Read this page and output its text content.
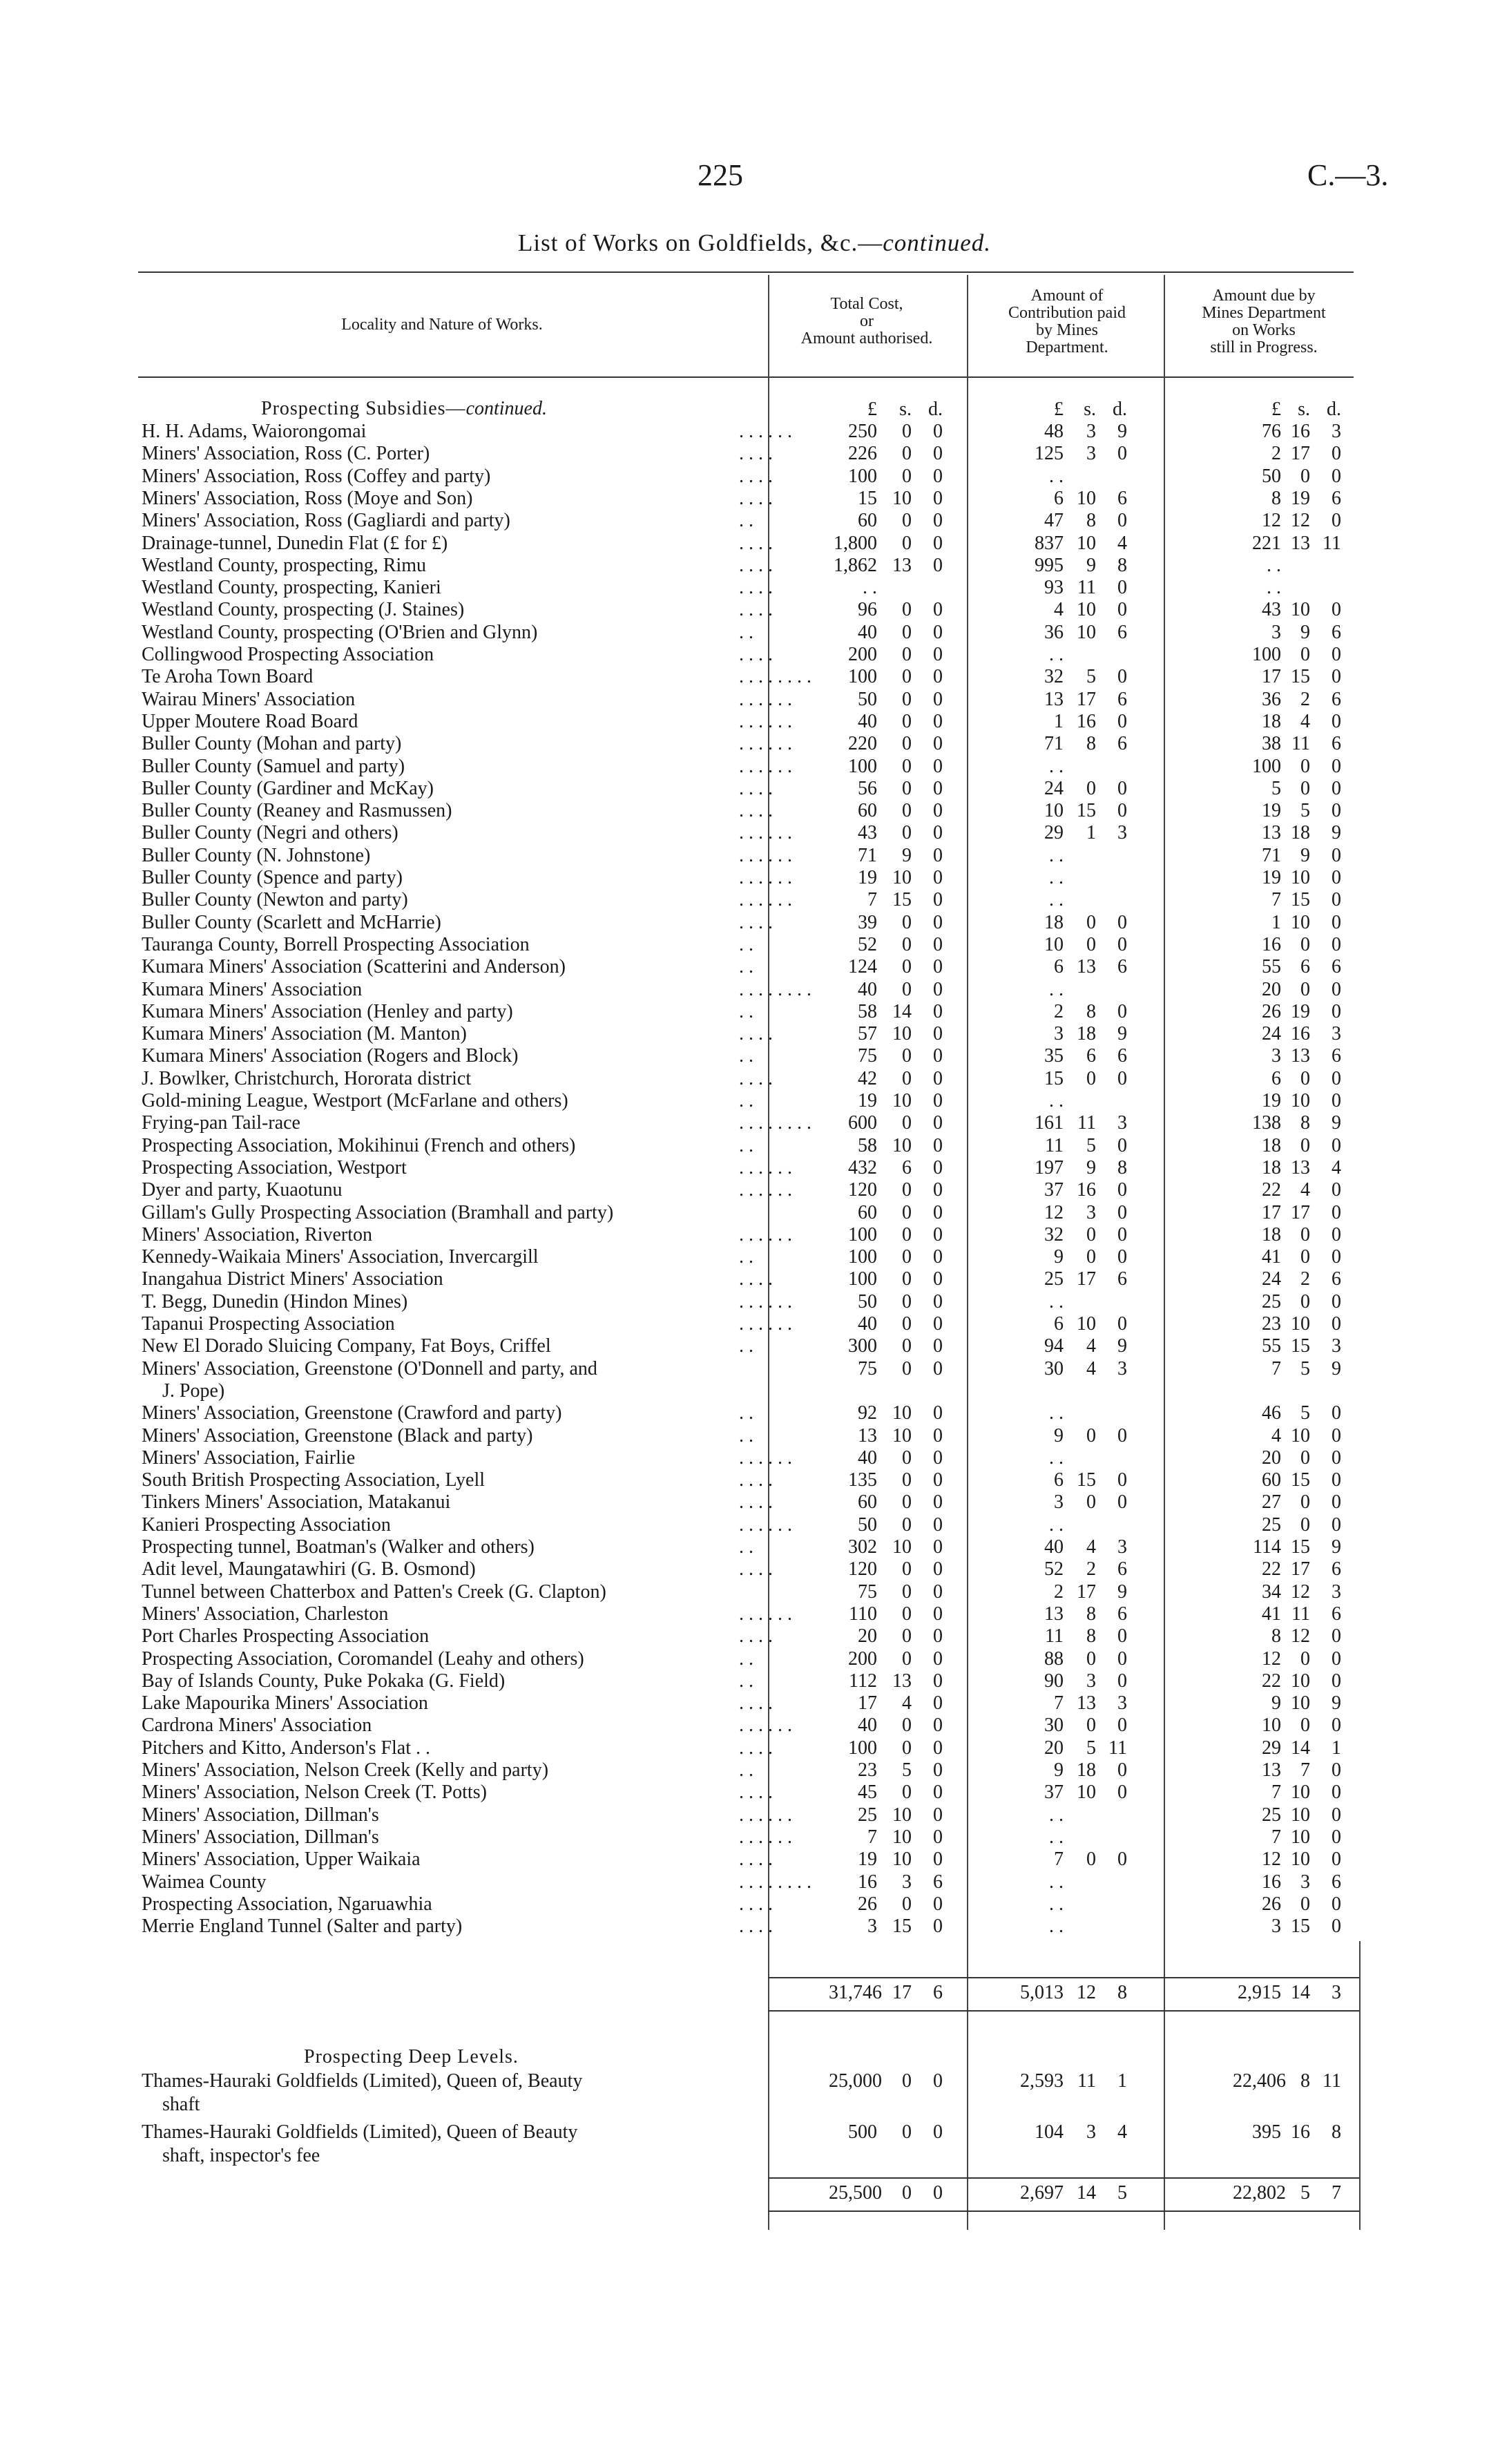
225	C.—3.
List of Works on Goldfields, &c.—continued.
Locality and Nature of Works.
Total Cost,
or
Amount authorised.
Amount of
Contribution paid
by Mines
Department.
Amount due by
Mines Department
on Works
still in Progress.
Prospecting Subsidies—continued.	£	s. d.	£	s. d.	£ s. d.
H. H. Adams, Waiorongomai	. . . . . .	250	0	0	48	3	9	76 16	3
Miners' Association, Ross (C. Porter)	. . . .	226	0	0	125	3	0	2 17	0
Miners' Association, Ross (Coffey and party)	. . . .	100	0	0	. .	50	0	0
Miners' Association, Ross (Moye and Son)	. . . .	15 10	0	6 10	6	8 19	6
Miners' Association, Ross (Gagliardi and party)	. .	60	0	0	47	8	0	12 12	0
Drainage-tunnel, Dunedin Flat (£ for £)	. . . .	1,800	0	0	837 10	4	221 13 11
Westland County, prospecting, Rimu	. . . .	1,862 13	0	995	9	8	. .
Westland County, prospecting, Kanieri	. . . .	. .	93 11	0	. .
Westland County, prospecting (J. Staines)	. . . .	96	0	0	4 10	0	43 10	0
Westland County, prospecting (O'Brien and Glynn)	. .	40	0	0	36 10	6	3	9	6
Collingwood Prospecting Association	. . . .	200	0	0	. .	100	0	0
Te Aroha Town Board	. . . . . . . .	100	0	0	32	5	0	17 15	0
Wairau Miners' Association	. . . . . .	50	0	0	13 17	6	36	2	6
Upper Moutere Road Board	. . . . . .	40	0	0	1 16	0	18	4	0
Buller County (Mohan and party)	. . . . . .	220	0	0	71	8	6	38 11	6
Buller County (Samuel and party)	. . . . . .	100	0	0	. .	100	0	0
Buller County (Gardiner and McKay)	. . . .	56	0	0	24	0	0	5	0	0
Buller County (Reaney and Rasmussen)	. . . .	60	0	0	10 15	0	19	5	0
Buller County (Negri and others)	. . . . . .	43	0	0	29	1	3	13 18	9
Buller County (N. Johnstone)	. . . . . .	71	9	0	. .	71	9	0
Buller County (Spence and party)	. . . . . .	19 10	0	. .	19 10	0
Buller County (Newton and party)	. . . . . .	7 15	0	. .	7 15	0
Buller County (Scarlett and McHarrie)	. . . .	39	0	0	18	0	0	1 10	0
Tauranga County, Borrell Prospecting Association	. .	52	0	0	10	0	0	16	0	0
Kumara Miners' Association (Scatterini and Anderson)	. .	124	0	0	6 13	6	55	6	6
Kumara Miners' Association	. . . . . . . .	40	0	0	. .	20	0	0
Kumara Miners' Association (Henley and party)	. .	58 14	0	2	8	0	26 19	0
Kumara Miners' Association (M. Manton)	. . . .	57 10	0	3 18	9	24 16	3
Kumara Miners' Association (Rogers and Block)	. .	75	0	0	35	6	6	3 13	6
J. Bowlker, Christchurch, Hororata district	. . . .	42	0	0	15	0	0	6	0	0
Gold-mining League, Westport (McFarlane and others)	. .	19 10	0	. .	19 10	0
Frying-pan Tail-race	. . . . . . . .	600	0	0	161 11	3	138	8	9
Prospecting Association, Mokihinui (French and others)	. .	58 10	0	11	5	0	18	0	0
Prospecting Association, Westport	. . . . . .	432	6	0	197	9	8	18 13	4
Dyer and party, Kuaotunu	. . . . . .	120	0	0	37 16	0	22	4	0
Gillam's Gully Prospecting Association (Bramhall and party)	60	0	0	12	3	0	17 17	0
Miners' Association, Riverton	. . . . . .	100	0	0	32	0	0	18	0	0
Kennedy-Waikaia Miners' Association, Invercargill	. .	100	0	0	9	0	0	41	0	0
Inangahua District Miners' Association	. . . .	100	0	0	25 17	6	24	2	6
T. Begg, Dunedin (Hindon Mines)	. . . . . .	50	0	0	. .	25	0	0
Tapanui Prospecting Association	. . . . . .	40	0	0	6 10	0	23 10	0
New El Dorado Sluicing Company, Fat Boys, Criffel	. .	300	0	0	94	4	9	55 15	3
Miners' Association, Greenstone (O'Donnell and party, and
J. Pope)
75	0	0	30	4	3	7	5	9
Miners' Association, Greenstone (Crawford and party)	. .	92 10	0	. .	46	5	0
Miners' Association, Greenstone (Black and party)	. .	13 10	0	9	0	0	4 10	0
Miners' Association, Fairlie	. . . . . .	40	0	0	. .	20	0	0
South British Prospecting Association, Lyell	. . . .	135	0	0	6 15	0	60 15	0
Tinkers Miners' Association, Matakanui	. . . .	60	0	0	3	0	0	27	0	0
Kanieri Prospecting Association	. . . . . .	50	0	0	. .	25	0	0
Prospecting tunnel, Boatman's (Walker and others)	. .	302 10	0	40	4	3	114 15	9
Adit level, Maungatawhiri (G. B. Osmond)	. . . .	120	0	0	52	2	6	22 17	6
Tunnel between Chatterbox and Patten's Creek (G. Clapton)	75	0	0	2 17	9	34 12	3
Miners' Association, Charleston	. . . . . .	110	0	0	13	8	6	41 11	6
Port Charles Prospecting Association	. . . .	20	0	0	11	8	0	8 12	0
Prospecting Association, Coromandel (Leahy and others)	. .	200	0	0	88	0	0	12	0	0
Bay of Islands County, Puke Pokaka (G. Field)	. .	112 13	0	90	3	0	22 10	0
Lake Mapourika Miners' Association	. . . .	17	4	0	7 13	3	9 10	9
Cardrona Miners' Association	. . . . . .	40	0	0	30	0	0	10	0	0
Pitchers and Kitto, Anderson's Flat . .	. . . .	100	0	0	20	5 11	29 14	1
Miners' Association, Nelson Creek (Kelly and party)	. .	23	5	0	9 18	0	13	7	0
Miners' Association, Nelson Creek (T. Potts)	. . . .	45	0	0	37 10	0	7 10	0
Miners' Association, Dillman's	. . . . . .	25 10	0	. .	25 10	0
Miners' Association, Dillman's	. . . . . .	7 10	0	. .	7 10	0
Miners' Association, Upper Waikaia	. . . .	19 10	0	7	0	0	12 10	0
Waimea County	. . . . . . . .	16	3	6	. .	16	3	6
Prospecting Association, Ngaruawhia	. . . .	26	0	0	. .	26	0	0
Merrie England Tunnel (Salter and party)	. . . .	3 15	0	. .	3 15	0
31,746 17	6	5,013 12	8	2,915 14	3
Prospecting Deep Levels.
Thames-Hauraki Goldfields (Limited), Queen of, Beauty
shaft
25,000	0	0	2,593 11	1	22,406 8 11
Thames-Hauraki Goldfields (Limited), Queen of Beauty
shaft, inspector's fee
500	0	0	104	3	4	395 16	8
25,500	0	0	2,697 14	5	22,802 5	7
